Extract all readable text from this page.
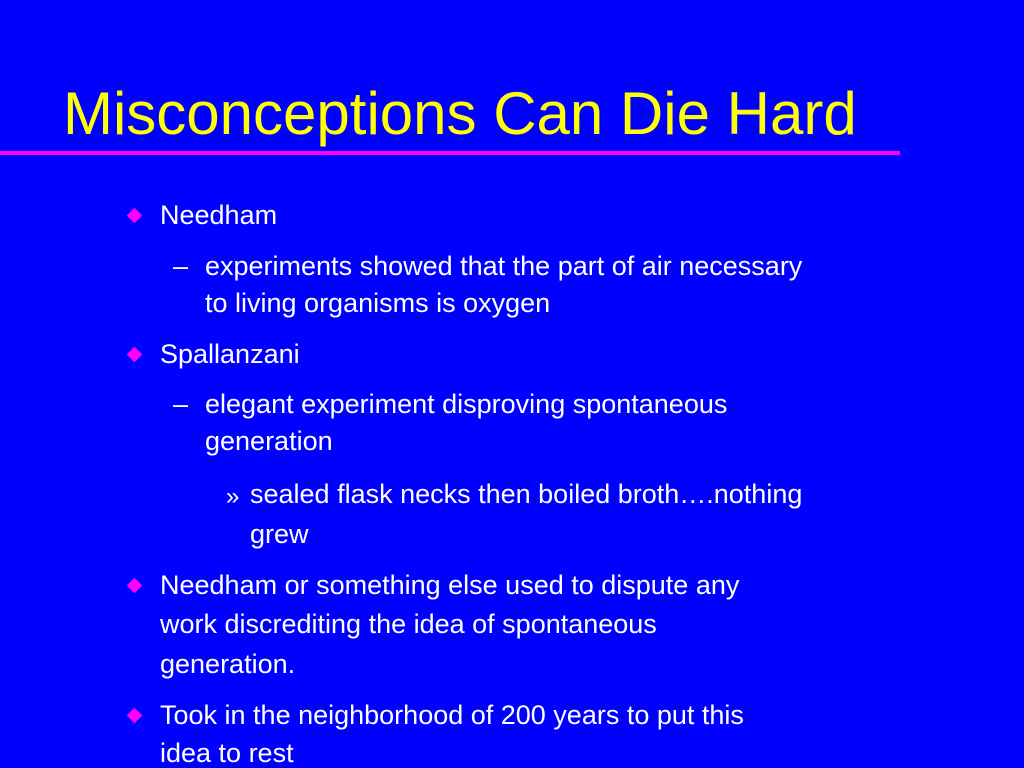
Misconceptions Can Die Hard
Needham
– experiments showed that the part of air necessary
to living organisms is oxygen
Spallanzani
– elegant experiment disproving spontaneous
generation
» sealed flask necks then boiled broth….nothing
grew
Needham or something else used to dispute any
work discrediting the idea of spontaneous
generation.
Took in the neighborhood of 200 years to put this
idea to rest
